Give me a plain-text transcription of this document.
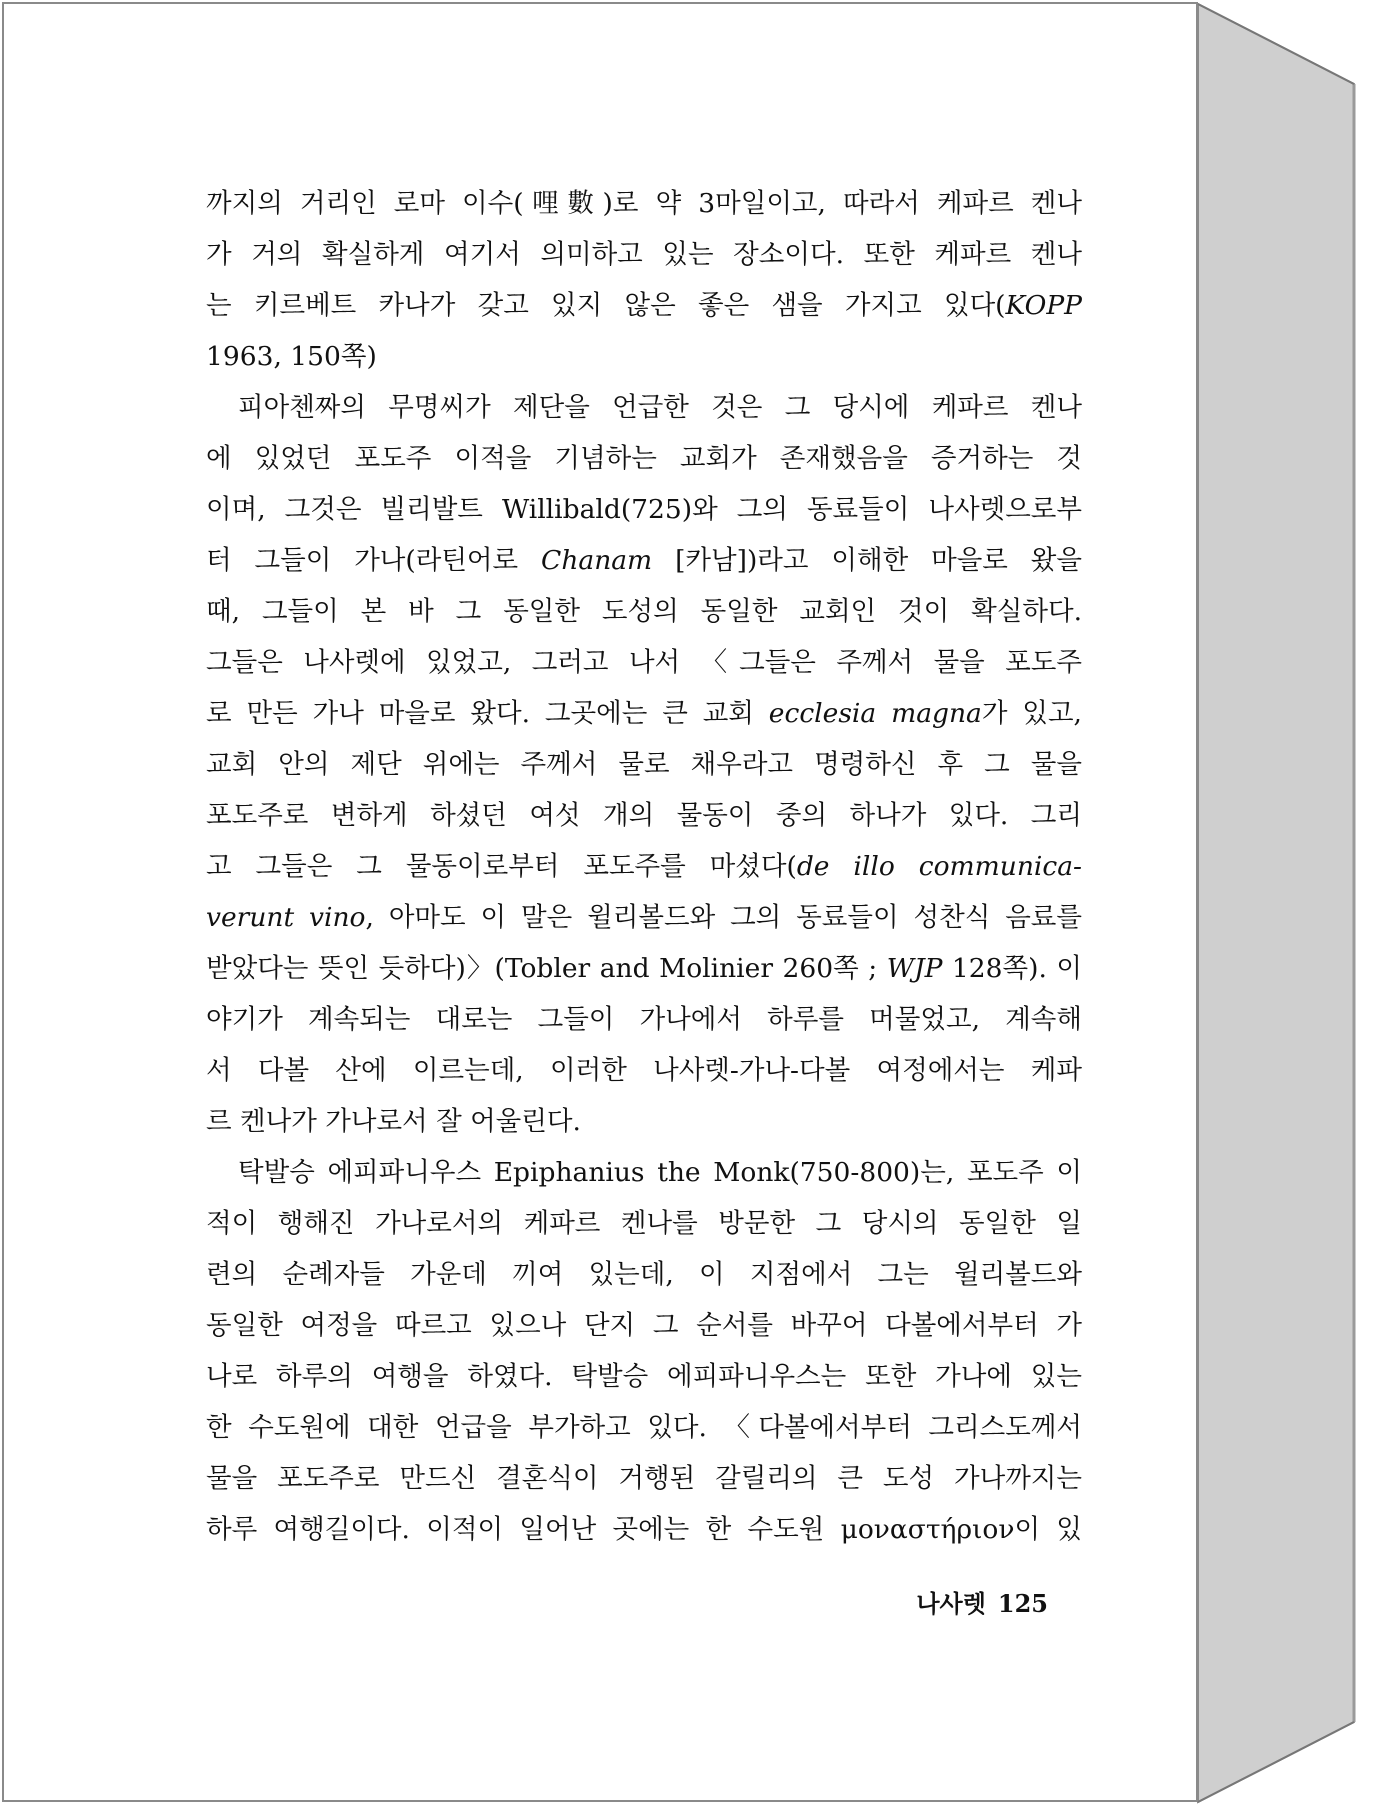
까지의 거리인 로마 이수(哩數)로 약 3마일이고, 따라서 케파르 켄나
가 거의 확실하게 여기서 의미하고 있는 장소이다. 또한 케파르 켄나
는 키르베트 카나가 갖고 있지 않은 좋은 샘을 가지고 있다(KOPP
1963, 150쪽)
피아첸짜의 무명씨가 제단을 언급한 것은 그 당시에 케파르 켄나
에 있었던 포도주 이적을 기념하는 교회가 존재했음을 증거하는 것
이며, 그것은 빌리발트 Willibald(725)와 그의 동료들이 나사렛으로부
터 그들이 가나(라틴어로 Chanam [카남])라고 이해한 마을로 왔을
때, 그들이 본 바 그 동일한 도성의 동일한 교회인 것이 확실하다.
그들은 나사렛에 있었고, 그러고 나서 〈그들은 주께서 물을 포도주
로 만든 가나 마을로 왔다. 그곳에는 큰 교회 ecclesia magna가 있고,
교회 안의 제단 위에는 주께서 물로 채우라고 명령하신 후 그 물을
포도주로 변하게 하셨던 여섯 개의 물동이 중의 하나가 있다. 그리
고 그들은 그 물동이로부터 포도주를 마셨다(de illo communica-
verunt vino, 아마도 이 말은 윌리볼드와 그의 동료들이 성찬식 음료를
받았다는 뜻인 듯하다)〉(Tobler and Molinier 260쪽 ; WJP 128쪽). 이
야기가 계속되는 대로는 그들이 가나에서 하루를 머물었고, 계속해
서 다볼 산에 이르는데, 이러한 나사렛-가나-다볼 여정에서는 케파
르 켄나가 가나로서 잘 어울린다.
탁발승 에피파니우스 Epiphanius the Monk(750-800)는, 포도주 이
적이 행해진 가나로서의 케파르 켄나를 방문한 그 당시의 동일한 일
련의 순례자들 가운데 끼여 있는데, 이 지점에서 그는 윌리볼드와
동일한 여정을 따르고 있으나 단지 그 순서를 바꾸어 다볼에서부터 가
나로 하루의 여행을 하였다. 탁발승 에피파니우스는 또한 가나에 있는
한 수도원에 대한 언급을 부가하고 있다. 〈다볼에서부터 그리스도께서
물을 포도주로 만드신 결혼식이 거행된 갈릴리의 큰 도성 가나까지는
하루 여행길이다. 이적이 일어난 곳에는 한 수도원 μοναστήριον이 있
나사렛 125
